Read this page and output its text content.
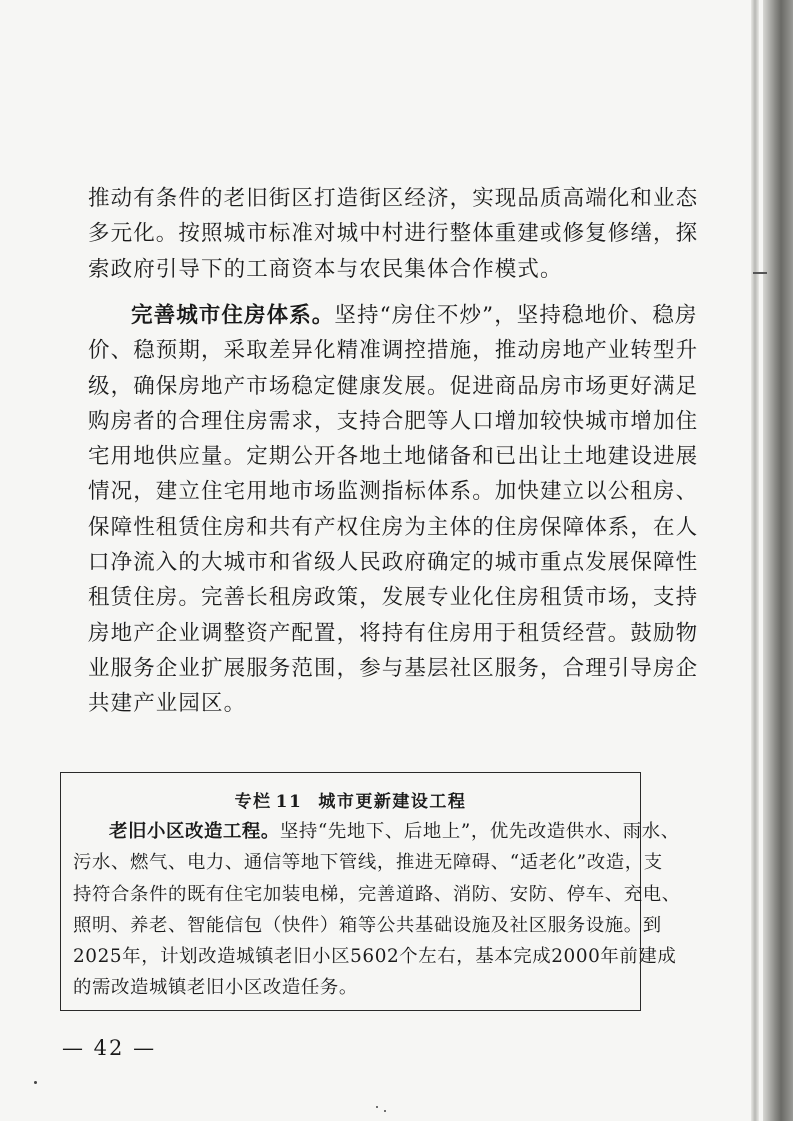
推动有条件的老旧街区打造街区经济，实现品质高端化和业态
多元化。按照城市标准对城中村进行整体重建或修复修缮，探
索政府引导下的工商资本与农民集体合作模式。
完善城市住房体系。坚持“房住不炒”，坚持稳地价、稳房
价、稳预期，采取差异化精准调控措施，推动房地产业转型升
级，确保房地产市场稳定健康发展。促进商品房市场更好满足
购房者的合理住房需求，支持合肥等人口增加较快城市增加住
宅用地供应量。定期公开各地土地储备和已出让土地建设进展
情况，建立住宅用地市场监测指标体系。加快建立以公租房、
保障性租赁住房和共有产权住房为主体的住房保障体系，在人
口净流入的大城市和省级人民政府确定的城市重点发展保障性
租赁住房。完善长租房政策，发展专业化住房租赁市场，支持
房地产企业调整资产配置，将持有住房用于租赁经营。鼓励物
业服务企业扩展服务范围，参与基层社区服务，合理引导房企
共建产业园区。
专栏 11 城市更新建设工程
老旧小区改造工程。坚持“先地下、后地上”，优先改造供水、雨水、
污水、燃气、电力、通信等地下管线，推进无障碍、“适老化”改造，支
持符合条件的既有住宅加装电梯，完善道路、消防、安防、停车、充电、
照明、养老、智能信包（快件）箱等公共基础设施及社区服务设施。到
2025年，计划改造城镇老旧小区5602个左右，基本完成2000年前建成
的需改造城镇老旧小区改造任务。
— 42 —
